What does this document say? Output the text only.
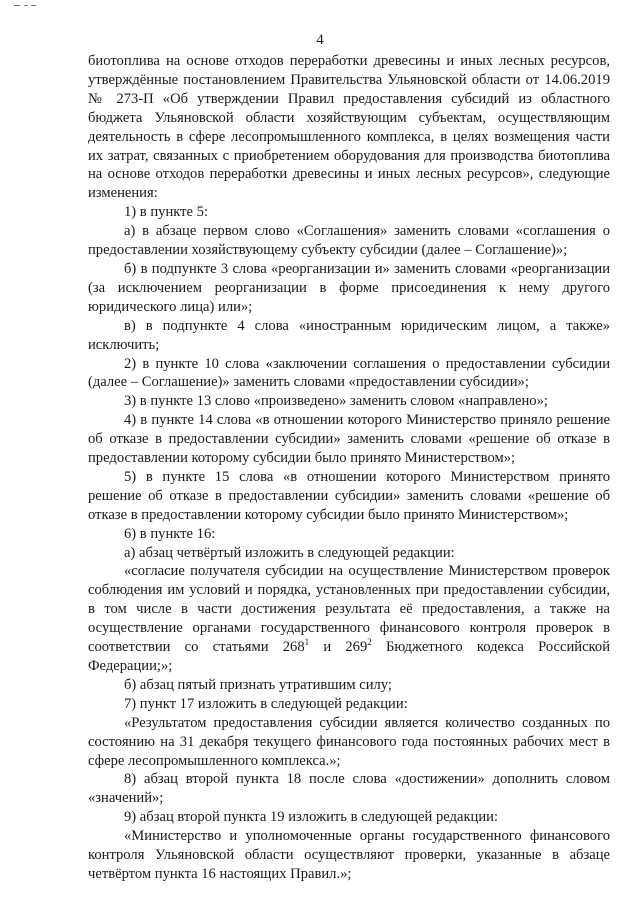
4

биотоплива на основе отходов переработки древесины и иных лесных ресурсов, утверждённые постановлением Правительства Ульяновской области от 14.06.2019 № 273-П «Об утверждении Правил предоставления субсидий из областного бюджета Ульяновской области хозяйствующим субъектам, осуществляющим деятельность в сфере лесопромышленного комплекса, в целях возмещения части их затрат, связанных с приобретением оборудования для производства биотоплива на основе отходов переработки древесины и иных лесных ресурсов», следующие изменения:

1) в пункте 5:

а) в абзаце первом слово «Соглашения» заменить словами «соглашения о предоставлении хозяйствующему субъекту субсидии (далее – Соглашение)»;

б) в подпункте 3 слова «реорганизации и» заменить словами «реорганизации (за исключением реорганизации в форме присоединения к нему другого юридического лица) или»;

в) в подпункте 4 слова «иностранным юридическим лицом, а также» исключить;

2) в пункте 10 слова «заключении соглашения о предоставлении субсидии (далее – Соглашение)» заменить словами «предоставлении субсидии»;

3) в пункте 13 слово «произведено» заменить словом «направлено»;

4) в пункте 14 слова «в отношении которого Министерство приняло решение об отказе в предоставлении субсидии» заменить словами «решение об отказе в предоставлении которому субсидии было принято Министерством»;

5) в пункте 15 слова «в отношении которого Министерством принято решение об отказе в предоставлении субсидии» заменить словами «решение об отказе в предоставлении которому субсидии было принято Министерством»;

6) в пункте 16:

а) абзац четвёртый изложить в следующей редакции:

«согласие получателя субсидии на осуществление Министерством проверок соблюдения им условий и порядка, установленных при предоставлении субсидии, в том числе в части достижения результата её предоставления, а также на осуществление органами государственного финансового контроля проверок в соответствии со статьями $268^1$ и $269^2$ Бюджетного кодекса Российской Федерации;»;

б) абзац пятый признать утратившим силу;

7) пункт 17 изложить в следующей редакции:

«Результатом предоставления субсидии является количество созданных по состоянию на 31 декабря текущего финансового года постоянных рабочих мест в сфере лесопромышленного комплекса.»;

8) абзац второй пункта 18 после слова «достижении» дополнить словом «значений»;

9) абзац второй пункта 19 изложить в следующей редакции:

«Министерство и уполномоченные органы государственного финансового контроля Ульяновской области осуществляют проверки, указанные в абзаце четвёртом пункта 16 настоящих Правил.»;
